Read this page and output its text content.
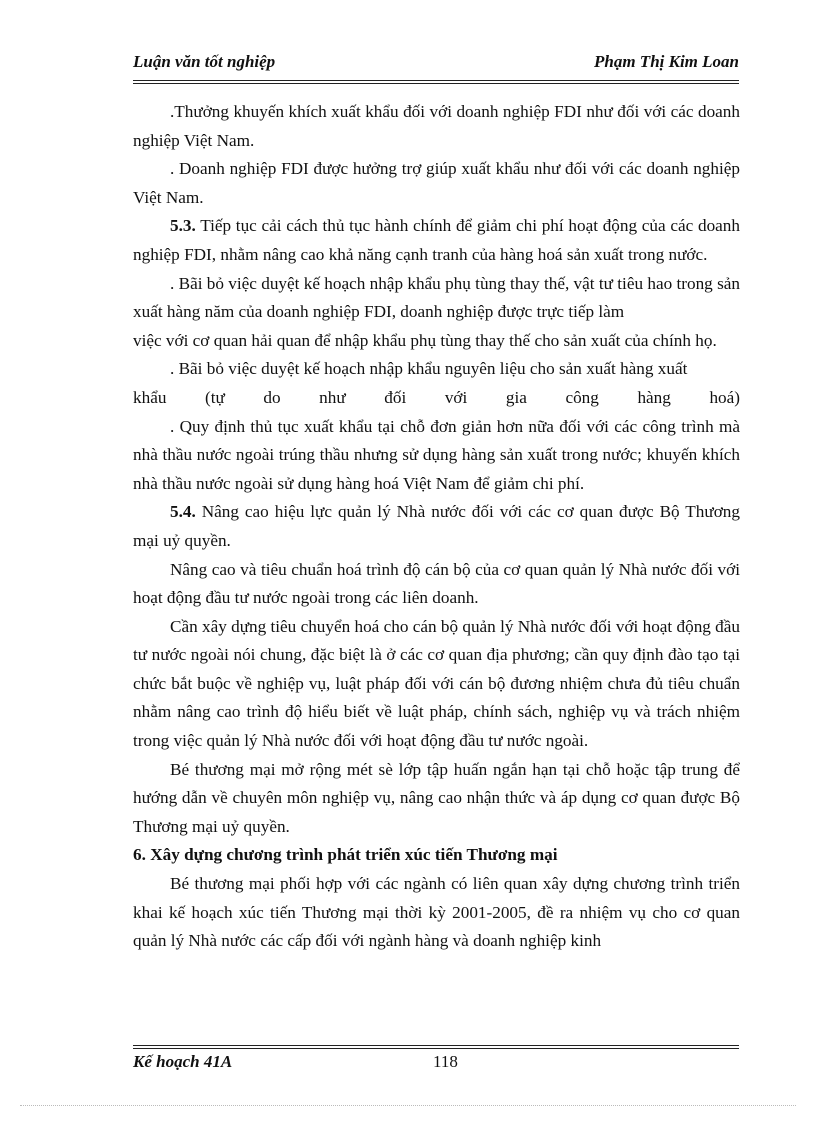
Luận văn tốt nghiệp	Phạm Thị Kim Loan

.Thưởng khuyến khích xuất khẩu đối với doanh nghiệp FDI như đối với các doanh nghiệp Việt Nam.

. Doanh nghiệp FDI được hưởng trợ giúp xuất khẩu như đối với các doanh nghiệp Việt Nam.

5.3. Tiếp tục cải cách thủ tục hành chính để giảm chi phí hoạt động của các doanh nghiệp FDI, nhằm nâng cao khả năng cạnh tranh của hàng hoá sản xuất trong nước.

. Bãi bỏ việc duyệt kế hoạch nhập khẩu phụ tùng thay thế, vật tư tiêu hao trong sản xuất hàng năm của doanh nghiệp FDI, doanh nghiệp được trực tiếp làm

việc với cơ quan hải quan để nhập khẩu phụ tùng thay thế cho sản xuất của chính họ.

. Bãi bỏ việc duyệt kế hoạch nhập khẩu nguyên liệu cho sản xuất hàng xuất

khẩu (tự do như đối với gia công hàng hoá)

. Quy định thủ tục xuất khẩu tại chỗ đơn giản hơn nữa đối với các công trình mà nhà thầu nước ngoài trúng thầu nhưng sử dụng hàng sản xuất trong nước; khuyến khích nhà thầu nước ngoài sử dụng hàng hoá Việt Nam để giảm chi phí.

5.4. Nâng cao hiệu lực quản lý Nhà nước đối với các cơ quan được Bộ Thương mại uỷ quyền.

Nâng cao và tiêu chuẩn hoá trình độ cán bộ của cơ quan quản lý Nhà nước đối với hoạt động đầu tư nước ngoài trong các liên doanh.

Cần xây dựng tiêu chuyển hoá cho cán bộ quản lý Nhà nước đối với hoạt động đầu tư nước ngoài nói chung, đặc biệt là ở các cơ quan địa phương; cần quy định đào tạo tại chức bắt buộc về nghiệp vụ, luật pháp đối với cán bộ đương nhiệm chưa đủ tiêu chuẩn nhằm nâng cao trình độ hiểu biết về luật pháp, chính sách, nghiệp vụ và trách nhiệm trong việc quản lý Nhà nước đối với hoạt động đầu tư nước ngoài.

Bé thương mại mở rộng mét sè lớp tập huấn ngắn hạn tại chỗ hoặc tập trung để hướng dẫn về chuyên môn nghiệp vụ, nâng cao nhận thức và áp dụng cơ quan được Bộ Thương mại uỷ quyền.

6. Xây dựng chương trình phát triển xúc tiến Thương mại

Bé thương mại phối hợp với các ngành có liên quan xây dựng chương trình triển khai kế hoạch xúc tiến Thương mại thời kỳ 2001-2005, đề ra nhiệm vụ cho cơ quan quản lý Nhà nước các cấp đối với ngành hàng và doanh nghiệp kinh

Kế hoạch 41A	118
